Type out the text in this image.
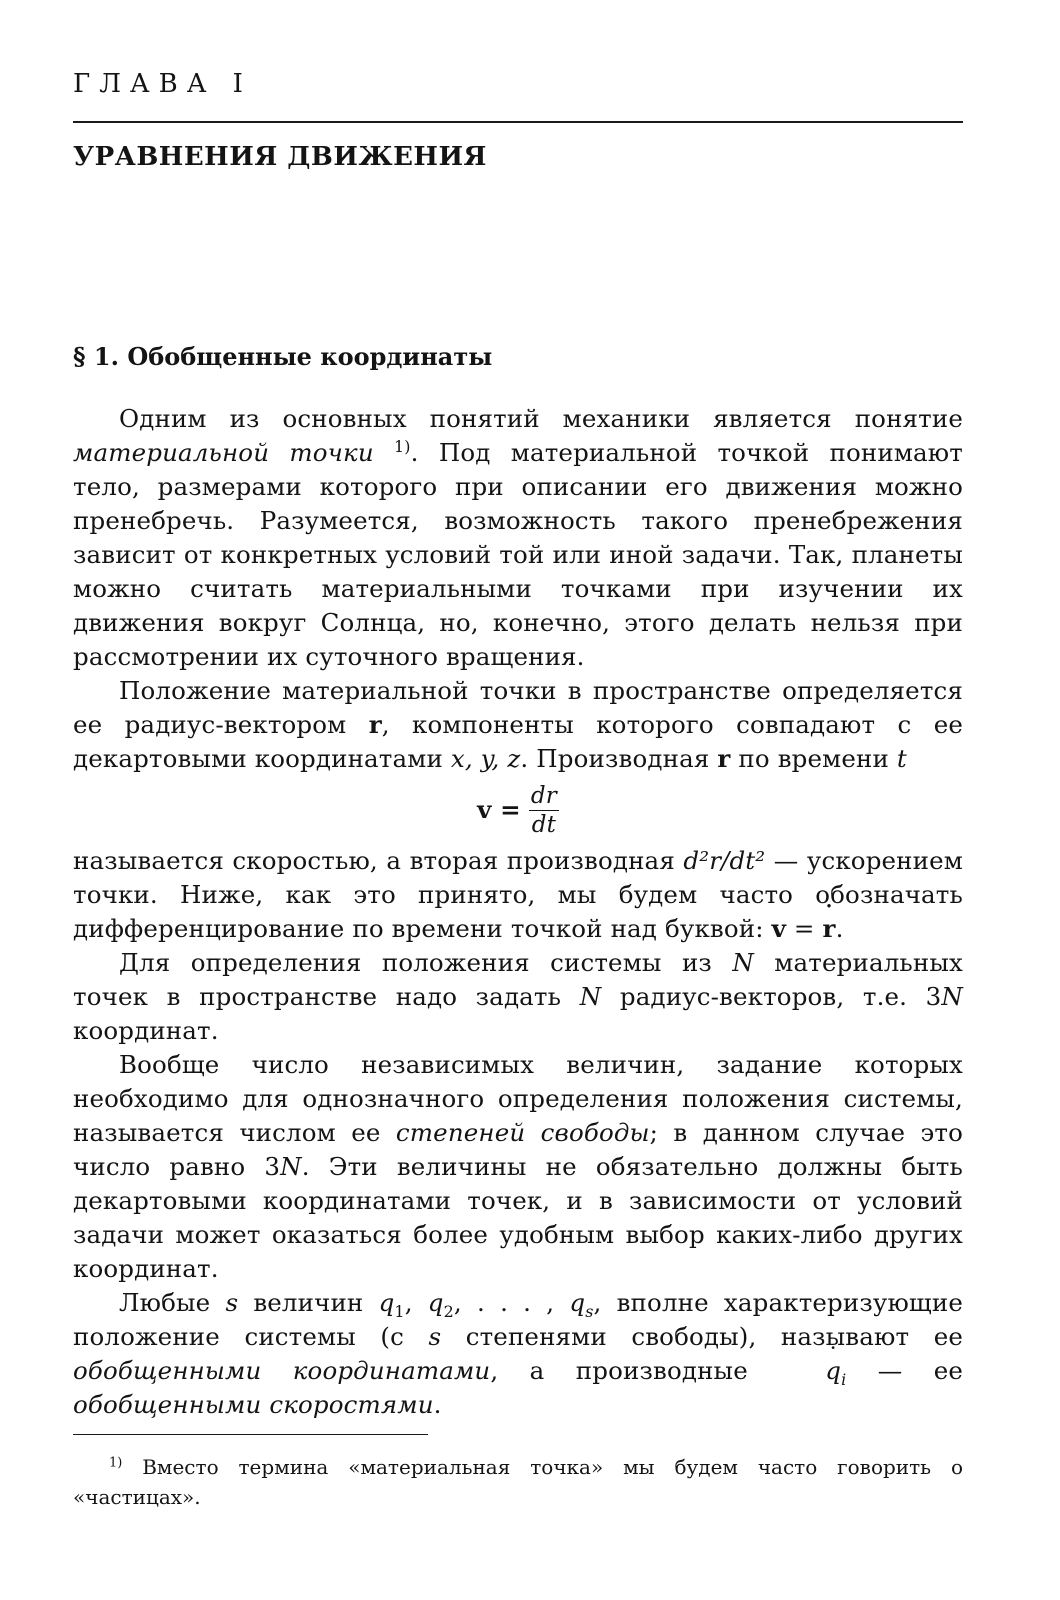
ГЛАВА I
УРАВНЕНИЯ ДВИЖЕНИЯ
§ 1. Обобщенные координаты

Одним из основных понятий механики является понятие материальной точки $^{1)}$. Под материальной точкой понимают тело, размерами которого при описании его движения можно пренебречь. Разумеется, возможность такого пренебрежения зависит от конкретных условий той или иной задачи. Так, планеты можно считать материальными точками при изучении их движения вокруг Солнца, но, конечно, этого делать нельзя при рассмотрении их суточного вращения.

Положение материальной точки в пространстве определяется ее радиус-вектором r, компоненты которого совпадают с ее декартовыми координатами x, y, z. Производная r по времени t

$v = \frac{dr}{dt}$

называется скоростью, а вторая производная d²r/dt² — ускорением точки. Ниже, как это принято, мы будем часто обозначать дифференцирование по времени точкой над буквой: v = r ˙.

Для определения положения системы из N материальных точек в пространстве надо задать N радиус-векторов, т.е. 3N координат.

Вообще число независимых величин, задание которых необходимо для однозначного определения положения системы, называется числом ее степеней свободы; в данном случае это число равно 3N. Эти величины не обязательно должны быть декартовыми координатами точек, и в зависимости от условий задачи может оказаться более удобным выбор каких-либо других координат.

Любые s величин $q_1$, $q_2$, . . . , $q_s$, вполне характеризующие положение системы (с s степенями свободы), называют ее обобщенными координатами, а производные q $˙_i$ — ее обобщенными скоростями.

$^{1)}$ Вместо термина «материальная точка» мы будем часто говорить о «частицах».
